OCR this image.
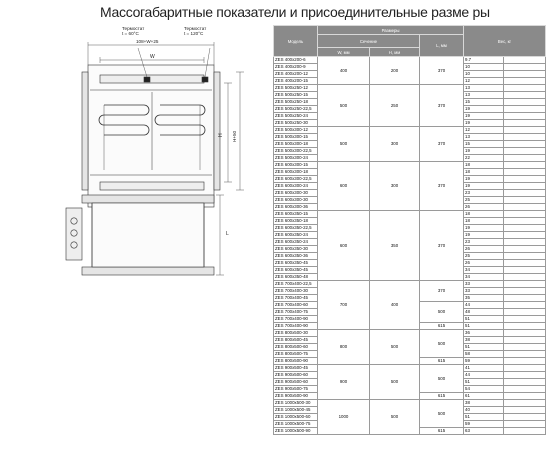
Массогабаритные показатели и присоединительные разме ры
Термостат
t = 60°C
Термостат
t = 120°C
W
108+W+25
H H+50
L
Модель	Размеры			Вес, кг	
	Сечение		L, мм		
	W, мм	H, мм			
ZES 400x200-6	400	200	370	9.7	
ZES 400x200-9				10	
ZES 400x200-12				10	
ZES 400x200-15				12	
ZES 500x250-12	500	250	370	13	
ZES 500x250-15				13	
ZES 500x250-18				15	
ZES 500x250-22,5				19	
ZES 500x250-24				19	
ZES 500x250-30				19	
ZES 500x300-12	500	300	370	12	
ZES 500x300-15				13	
ZES 500x300-18				15	
ZES 500x300-22,5				19	
ZES 500x300-24				22	
ZES 600x300-15	600	300	370	18	
ZES 600x300-18				18	
ZES 600x300-22,5				19	
ZES 600x300-24				19	
ZES 600x300-30				23	
ZES 600x300-30				25	
ZES 600x300-36				26	
ZES 600x350-15	600	350	370	18	
ZES 600x350-18				18	
ZES 600x350-22,5				19	
ZES 600x350-24				19	
ZES 600x350-24				23	
ZES 600x350-30				26	
ZES 600x350-36				25	
ZES 600x350-45				26	
ZES 600x350-45				34	
ZES 600x350-48				34	
ZES 700x400-22,5	700	400	370	33	
ZES 700x400-30				33	
ZES 700x400-45				35	
ZES 700x400-60			500	44	
ZES 700x400-75				48	
ZES 700x400-90				51	
ZES 700x400-90			615	51	
ZES 800x500-30	800	500	500	36	
ZES 800x500-45				38	
ZES 800x500-60				51	
ZES 800x500-75				58	
ZES 800x500-90			615	59	
ZES 900x500-45	900	500	500	41	
ZES 900x500-60				44	
ZES 900x500-60				51	
ZES 900x500-75				54	
ZES 900x500-90			615	61	
ZES 1000x500-30	1000	500	500	38	
ZES 1000x500-45				40	
ZES 1000x500-60				51	
ZES 1000x500-75				59	
ZES 1000x500-90			615	63	
